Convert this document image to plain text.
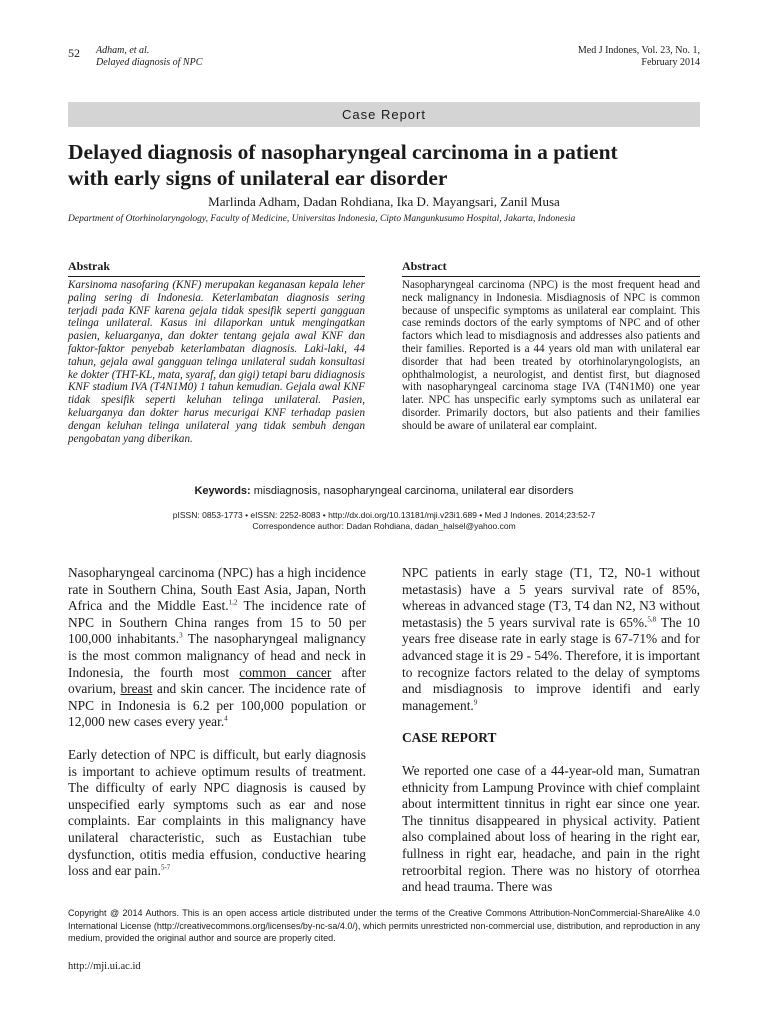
52 Adham, et al.
Delayed diagnosis of NPC
Med J Indones, Vol. 23, No. 1,
February 2014
Case Report
Delayed diagnosis of nasopharyngeal carcinoma in a patient
with early signs of unilateral ear disorder
Marlinda Adham, Dadan Rohdiana, Ika D. Mayangsari, Zanil Musa
Department of Otorhinolaryngology, Faculty of Medicine, Universitas Indonesia, Cipto Mangunkusumo Hospital, Jakarta, Indonesia
Abstrak
Karsinoma nasofaring (KNF) merupakan keganasan kepala leher paling sering di Indonesia. Keterlambatan diagnosis sering terjadi pada KNF karena gejala tidak spesifik seperti gangguan telinga unilateral. Kasus ini dilaporkan untuk mengingatkan pasien, keluarganya, dan dokter tentang gejala awal KNF dan faktor-faktor penyebab keterlambatan diagnosis. Laki-laki, 44 tahun, gejala awal gangguan telinga unilateral sudah konsultasi ke dokter (THT-KL, mata, syaraf, dan gigi) tetapi baru didiagnosis KNF stadium IVA (T4N1M0) 1 tahun kemudian. Gejala awal KNF tidak spesifik seperti keluhan telinga unilateral. Pasien, keluarganya dan dokter harus mecurigai KNF terhadap pasien dengan keluhan telinga unilateral yang tidak sembuh dengan pengobatan yang diberikan.
Abstract
Nasopharyngeal carcinoma (NPC) is the most frequent head and neck malignancy in Indonesia. Misdiagnosis of NPC is common because of unspecific symptoms as unilateral ear complaint. This case reminds doctors of the early symptoms of NPC and of other factors which lead to misdiagnosis and addresses also patients and their families. Reported is a 44 years old man with unilateral ear disorder that had been treated by otorhinolaryngologists, an ophthalmologist, a neurologist, and dentist first, but diagnosed with nasopharyngeal carcinoma stage IVA (T4N1M0) one year later. NPC has unspecific early symptoms such as unilateral ear disorder. Primarily doctors, but also patients and their families should be aware of unilateral ear complaint.
Keywords: misdiagnosis, nasopharyngeal carcinoma, unilateral ear disorders
pISSN: 0853-1773 • eISSN: 2252-8083 • http://dx.doi.org/10.13181/mji.v23i1.689 • Med J Indones. 2014;23:52-7
Correspondence author: Dadan Rohdiana, dadan_halsel@yahoo.com

Nasopharyngeal carcinoma (NPC) has a high incidence rate in Southern China, South East Asia, Japan, North Africa and the Middle East.$^{1,2}$ The incidence rate of NPC in Southern China ranges from 15 to 50 per 100,000 inhabitants.$^3$ The nasopharyngeal malignancy is the most common malignancy of head and neck in Indonesia, the fourth most common cancer after ovarium, breast and skin cancer. The incidence rate of NPC in Indonesia is 6.2 per 100,000 population or 12,000 new cases every year.$^4$

Early detection of NPC is difficult, but early diagnosis is important to achieve optimum results of treatment. The difficulty of early NPC diagnosis is caused by unspecified early symptoms such as ear and nose complaints. Ear complaints in this malignancy have unilateral characteristic, such as Eustachian tube dysfunction, otitis media effusion, conductive hearing loss and ear pain.$^{5-7}$

NPC patients in early stage (T1, T2, N0-1 without metastasis) have a 5 years survival rate of 85%, whereas in advanced stage (T3, T4 dan N2, N3 without metastasis) the 5 years survival rate is 65%.$^{5,8}$ The 10 years free disease rate in early stage is 67-71% and for advanced stage it is 29 - 54%. Therefore, it is important to recognize factors related to the delay of symptoms and misdiagnosis to improve identifi and early management.$^9$

CASE REPORT

We reported one case of a 44-year-old man, Sumatran ethnicity from Lampung Province with chief complaint about intermittent tinnitus in right ear since one year. The tinnitus disappeared in physical activity. Patient also complained about loss of hearing in the right ear, fullness in right ear, headache, and pain in the right retroorbital region. There was no history of otorrhea and head trauma. There was

Copyright @ 2014 Authors. This is an open access article distributed under the terms of the Creative Commons Attribution-NonCommercial-ShareAlike 4.0 International License (http://creativecommons.org/licenses/by-nc-sa/4.0/), which permits unrestricted non-commercial use, distribution, and reproduction in any medium, provided the original author and source are properly cited.
http://mji.ui.ac.id
